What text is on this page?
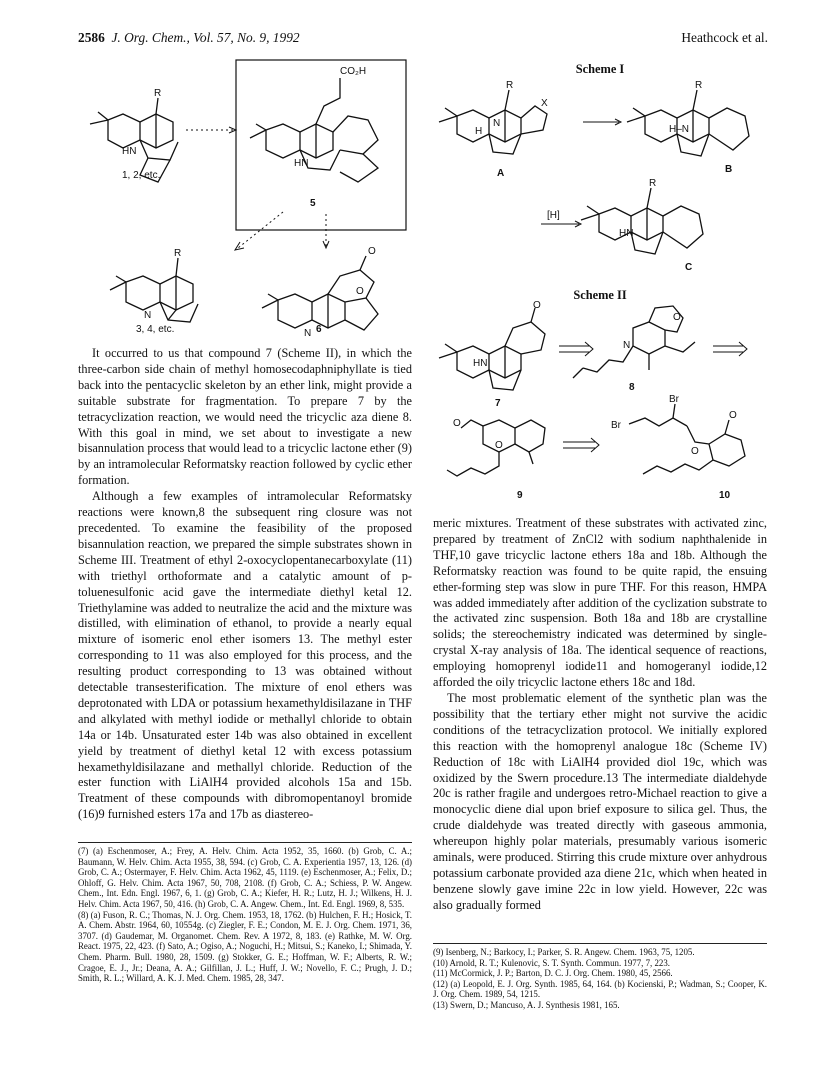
2586 J. Org. Chem., Vol. 57, No. 9, 1992	Heathcock et al.
R
HN
1, 2, etc.
CO₂H
HN
5
R
N
3, 4, etc.
O
O
N 6
Scheme I
R
X
H
N
A
R
H–N
B
[H]
R
HN
C
Scheme II
O
HN
7
O
N
8
O
O
9
Br
Br
O
O
10

It occurred to us that compound 7 (Scheme II), in which the three-carbon side chain of methyl homosecodaphniphyllate is tied back into the pentacyclic skeleton by an ether link, might provide a suitable substrate for fragmentation. To prepare 7 by the tetracyclization reaction, we would need the tricyclic aza diene 8. With this goal in mind, we set about to investigate a new bisannulation process that would lead to a tricyclic lactone ether (9) by an intramolecular Reformatsky reaction followed by cyclic ether formation.

Although a few examples of intramolecular Reformatsky reactions were known,8 the subsequent ring closure was not precedented. To examine the feasibility of the proposed bisannulation reaction, we prepared the simple substrates shown in Scheme III. Treatment of ethyl 2-oxocyclopentanecarboxylate (11) with triethyl orthoformate and a catalytic amount of p-toluenesulfonic acid gave the intermediate diethyl ketal 12. Triethylamine was added to neutralize the acid and the mixture was distilled, with elimination of ethanol, to provide a nearly equal mixture of isomeric enol ether isomers 13. The methyl ester corresponding to 11 was also employed for this process, and the resulting product corresponding to 13 was obtained without detectable transesterification. The mixture of enol ethers was deprotonated with LDA or potassium hexamethyldisilazane in THF and alkylated with methyl iodide or methallyl chloride to obtain 14a or 14b. Unsaturated ester 14b was also obtained in excellent yield by treatment of diethyl ketal 12 with excess potassium hexamethyldisilazane and methallyl chloride. Reduction of the ester function with LiAlH4 provided alcohols 15a and 15b. Treatment of these compounds with dibromopentanoyl bromide (16)9 furnished esters 17a and 17b as diastereo-

(7) (a) Eschenmoser, A.; Frey, A. Helv. Chim. Acta 1952, 35, 1660. (b) Grob, C. A.; Baumann, W. Helv. Chim. Acta 1955, 38, 594. (c) Grob, C. A. Experientia 1957, 13, 126. (d) Grob, C. A.; Ostermayer, F. Helv. Chim. Acta 1962, 45, 1119. (e) Eschenmoser, A.; Felix, D.; Ohloff, G. Helv. Chim. Acta 1967, 50, 708, 2108. (f) Grob, C. A.; Schiess, P. W. Angew. Chem., Int. Edn. Engl. 1967, 6, 1. (g) Grob, C. A.; Kiefer, H. R.; Lutz, H. J.; Wilkens, H. J. Helv. Chim. Acta 1967, 50, 416. (h) Grob, C. A. Angew. Chem., Int. Ed. Engl. 1969, 8, 535.

(8) (a) Fuson, R. C.; Thomas, N. J. Org. Chem. 1953, 18, 1762. (b) Hulchen, F. H.; Hosick, T. A. Chem. Abstr. 1964, 60, 10554g. (c) Ziegler, F. E.; Condon, M. E. J. Org. Chem. 1971, 36, 3707. (d) Gaudemar, M. Organomet. Chem. Rev. A 1972, 8, 183. (e) Rathke, M. W. Org. React. 1975, 22, 423. (f) Sato, A.; Ogiso, A.; Noguchi, H.; Mitsui, S.; Kaneko, I.; Shimada, Y. Chem. Pharm. Bull. 1980, 28, 1509. (g) Stokker, G. E.; Hoffman, W. F.; Alberts, R. W.; Cragoe, E. J., Jr.; Deana, A. A.; Gilfillan, J. L.; Huff, J. W.; Novello, F. C.; Prugh, J. D.; Smith, R. L.; Willard, A. K. J. Med. Chem. 1985, 28, 347.

meric mixtures. Treatment of these substrates with activated zinc, prepared by treatment of ZnCl2 with sodium naphthalenide in THF,10 gave tricyclic lactone ethers 18a and 18b. Although the Reformatsky reaction was found to be quite rapid, the ensuing ether-forming step was slow in pure THF. For this reason, HMPA was added immediately after addition of the cyclization substrate to the activated zinc suspension. Both 18a and 18b are crystalline solids; the stereochemistry indicated was determined by single-crystal X-ray analysis of 18a. The identical sequence of reactions, employing homoprenyl iodide11 and homogeranyl iodide,12 afforded the oily tricyclic lactone ethers 18c and 18d.

The most problematic element of the synthetic plan was the possibility that the tertiary ether might not survive the acidic conditions of the tetracyclization protocol. We initially explored this reaction with the homoprenyl analogue 18c (Scheme IV) Reduction of 18c with LiAlH4 provided diol 19c, which was oxidized by the Swern procedure.13 The intermediate dialdehyde 20c is rather fragile and undergoes retro-Michael reaction to give a monocyclic diene dial upon brief exposure to silica gel. Thus, the crude dialdehyde was treated directly with gaseous ammonia, whereupon highly polar materials, presumably various isomeric aminals, were produced. Stirring this crude mixture over anhydrous potassium carbonate provided aza diene 21c, which when heated in benzene slowly gave imine 22c in low yield. However, 22c was also gradually formed

(9) Isenberg, N.; Barkocy, I.; Parker, S. R. Angew. Chem. 1963, 75, 1205.

(10) Arnold, R. T.; Kulenovic, S. T. Synth. Commun. 1977, 7, 223.

(11) McCormick, J. P.; Barton, D. C. J. Org. Chem. 1980, 45, 2566.

(12) (a) Leopold, E. J. Org. Synth. 1985, 64, 164. (b) Kocienski, P.; Wadman, S.; Cooper, K. J. Org. Chem. 1989, 54, 1215.

(13) Swern, D.; Mancuso, A. J. Synthesis 1981, 165.
